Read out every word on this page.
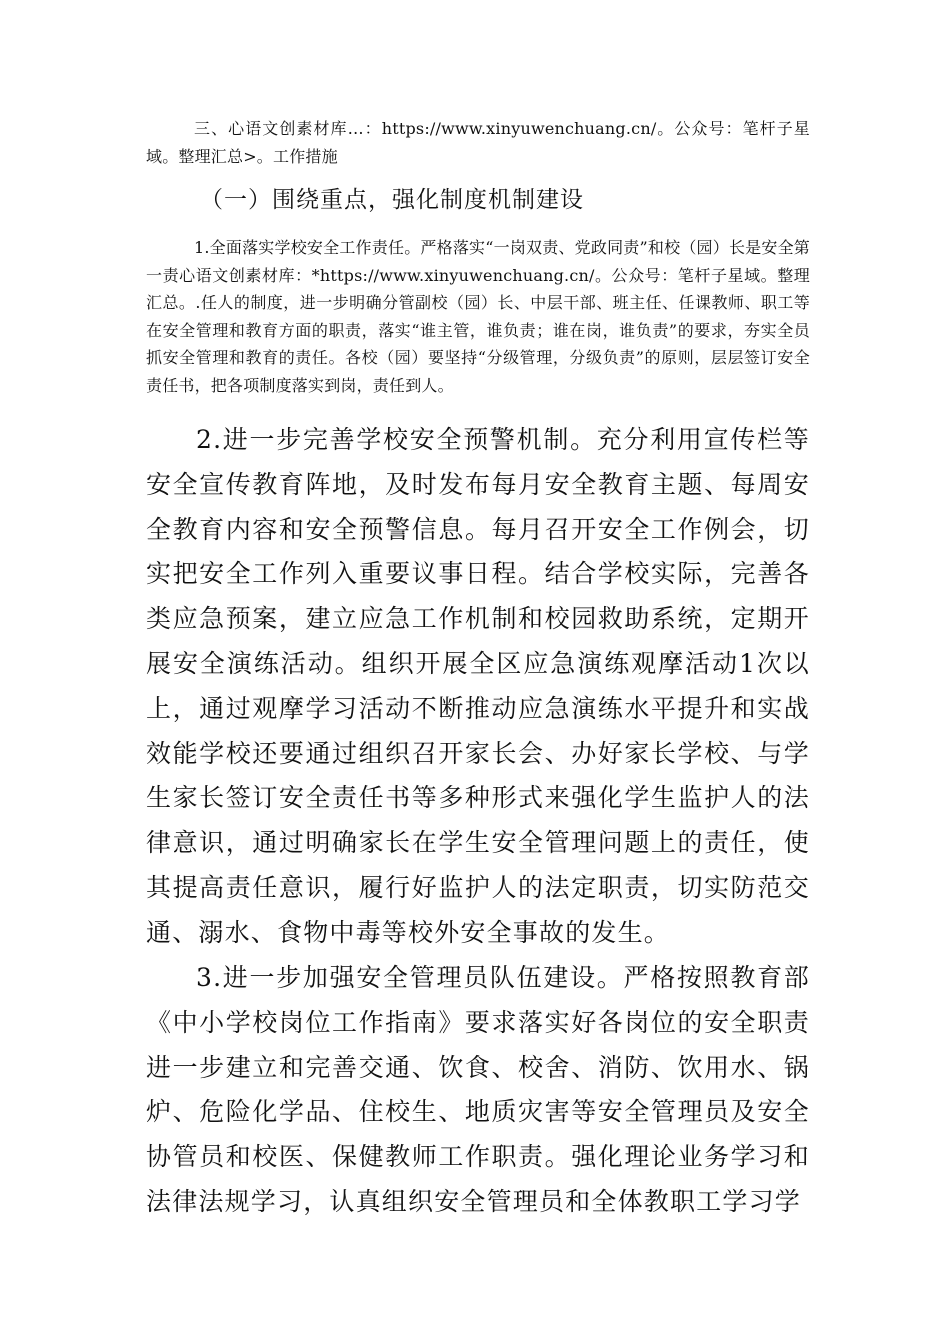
三、心语文创素材库…：https://www.xinyuwenchuang.cn/。公众号：笔杆子星域。整理汇总>。工作措施

（一）围绕重点，强化制度机制建设

1.全面落实学校安全工作责任。严格落实“一岗双责、党政同责”和校（园）长是安全第一责心语文创素材库：*https://www.xinyuwenchuang.cn/。公众号：笔杆子星域。整理汇总。.任人的制度，进一步明确分管副校（园）长、中层干部、班主任、任课教师、职工等在安全管理和教育方面的职责，落实“谁主管，谁负责；谁在岗，谁负责”的要求，夯实全员抓安全管理和教育的责任。各校（园）要坚持“分级管理，分级负责”的原则，层层签订安全责任书，把各项制度落实到岗，责任到人。

2.进一步完善学校安全预警机制。充分利用宣传栏等安全宣传教育阵地，及时发布每月安全教育主题、每周安全教育内容和安全预警信息。每月召开安全工作例会，切实把安全工作列入重要议事日程。结合学校实际，完善各类应急预案，建立应急工作机制和校园救助系统，定期开展安全演练活动。组织开展全区应急演练观摩活动1次以上，通过观摩学习活动不断推动应急演练水平提升和实战效能学校还要通过组织召开家长会、办好家长学校、与学生家长签订安全责任书等多种形式来强化学生监护人的法律意识，通过明确家长在学生安全管理问题上的责任，使其提高责任意识，履行好监护人的法定职责，切实防范交通、溺水、食物中毒等校外安全事故的发生。

3.进一步加强安全管理员队伍建设。严格按照教育部《中小学校岗位工作指南》要求落实好各岗位的安全职责进一步建立和完善交通、饮食、校舍、消防、饮用水、锅炉、危险化学品、住校生、地质灾害等安全管理员及安全协管员和校医、保健教师工作职责。强化理论业务学习和法律法规学习，认真组织安全管理员和全体教职工学习学
